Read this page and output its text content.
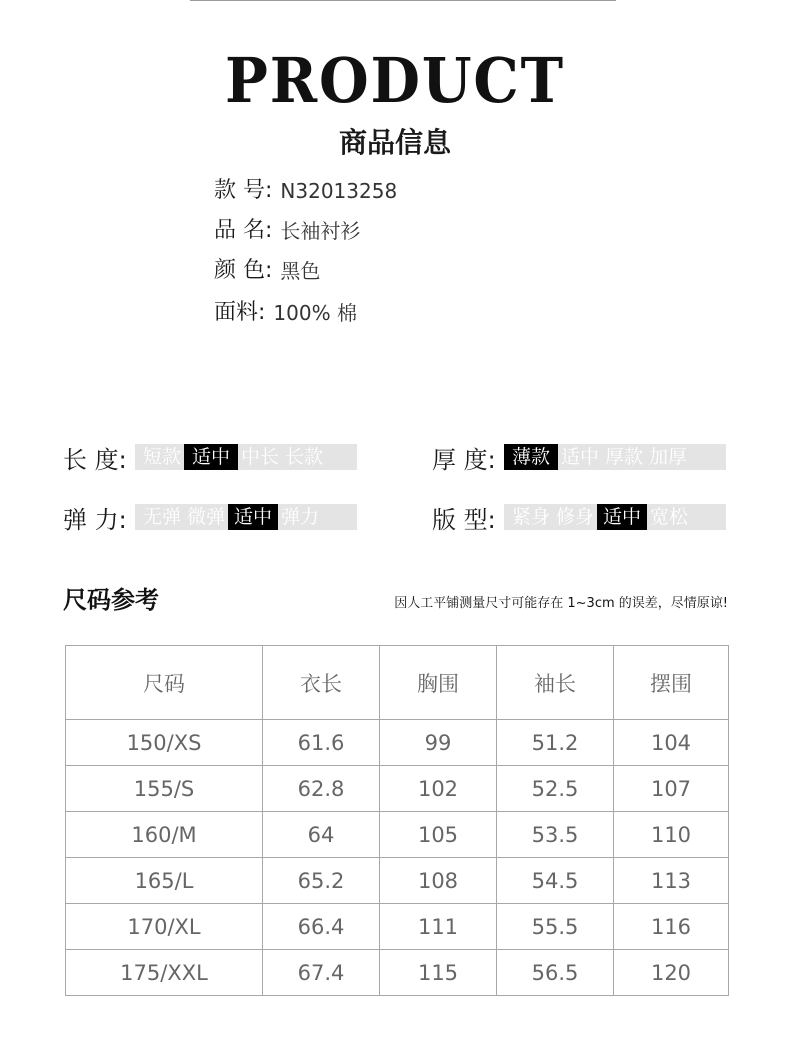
PRODUCT
商品信息
款 号: N32013258
品 名: 长袖衬衫
颜 色: 黑色
面料: 100% 棉
长 度: 短款 适中 中长 长款	厚 度: 薄款 适中 厚款 加厚
弹 力: 无弹 微弹 适中 弹力	版 型: 紧身 修身 适中 宽松
尺码参考	因人工平铺测量尺寸可能存在 1~3cm 的误差，尽情原谅!
尺码	衣长	胸围	袖长	摆围
150/XS	61.6	99	51.2	104
155/S	62.8	102	52.5	107
160/M	64	105	53.5	110
165/L	65.2	108	54.5	113
170/XL	66.4	111	55.5	116
175/XXL	67.4	115	56.5	120
